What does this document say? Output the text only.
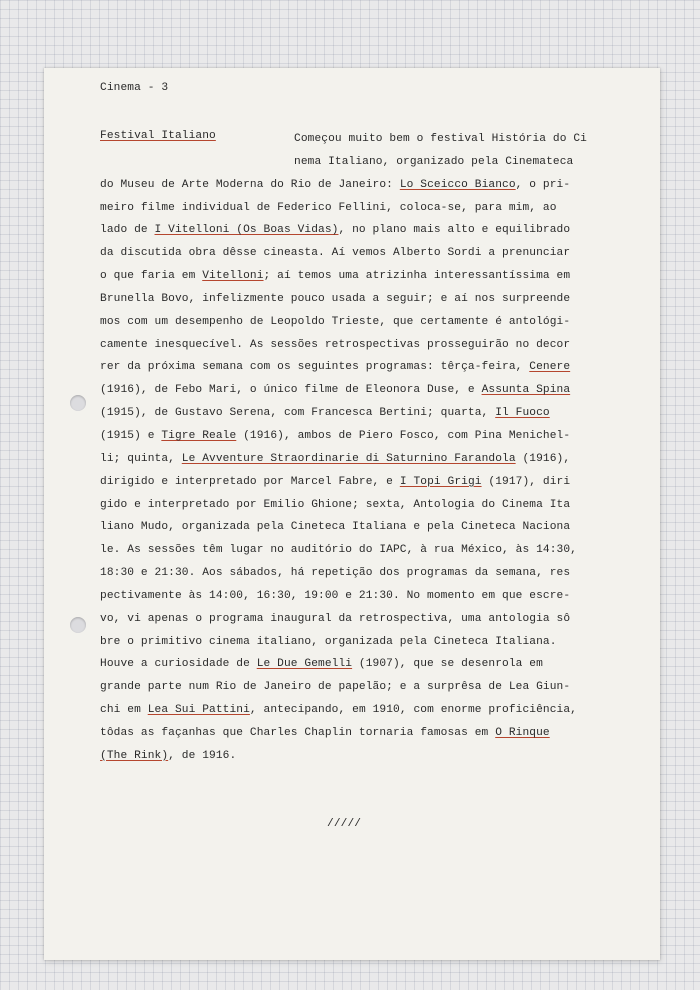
Cinema - 3
Festival Italiano	Começou muito bem o festival História do Ci
nema Italiano, organizado pela Cinemateca
do Museu de Arte Moderna do Rio de Janeiro: Lo Sceicco Bianco, o pri-
meiro filme individual de Federico Fellini, coloca-se, para mim, ao
lado de I Vitelloni (Os Boas Vidas), no plano mais alto e equilibrado
da discutida obra dêsse cineasta. Aí vemos Alberto Sordi a prenunciar
o que faria em Vitelloni; aí temos uma atrizinha interessantíssima em
Brunella Bovo, infelizmente pouco usada a seguir; e aí nos surpreende
mos com um desempenho de Leopoldo Trieste, que certamente é antológi-
camente inesquecível. As sessões retrospectivas prosseguirão no decor
rer da próxima semana com os seguintes programas: têrça-feira, Cenere
(1916), de Febo Mari, o único filme de Eleonora Duse, e Assunta Spina
(1915), de Gustavo Serena, com Francesca Bertini; quarta, Il Fuoco
(1915) e Tigre Reale (1916), ambos de Piero Fosco, com Pina Menichel-
li; quinta, Le Avventure Straordinarie di Saturnino Farandola (1916),
dirigido e interpretado por Marcel Fabre, e I Topi Grigi (1917), diri
gido e interpretado por Emilio Ghione; sexta, Antologia do Cinema Ita
liano Mudo, organizada pela Cineteca Italiana e pela Cineteca Naciona
le. As sessões têm lugar no auditório do IAPC, à rua México, às 14:30,
18:30 e 21:30. Aos sábados, há repetição dos programas da semana, res
pectivamente às 14:00, 16:30, 19:00 e 21:30. No momento em que escre-
vo, vi apenas o programa inaugural da retrospectiva, uma antologia sô
bre o primitivo cinema italiano, organizada pela Cineteca Italiana.
Houve a curiosidade de Le Due Gemelli (1907), que se desenrola em
grande parte num Rio de Janeiro de papelão; e a surprêsa de Lea Giun-
chi em Lea Sui Pattini, antecipando, em 1910, com enorme proficiência,
tôdas as façanhas que Charles Chaplin tornaria famosas em O Rinque
(The Rink), de 1916.
/////
